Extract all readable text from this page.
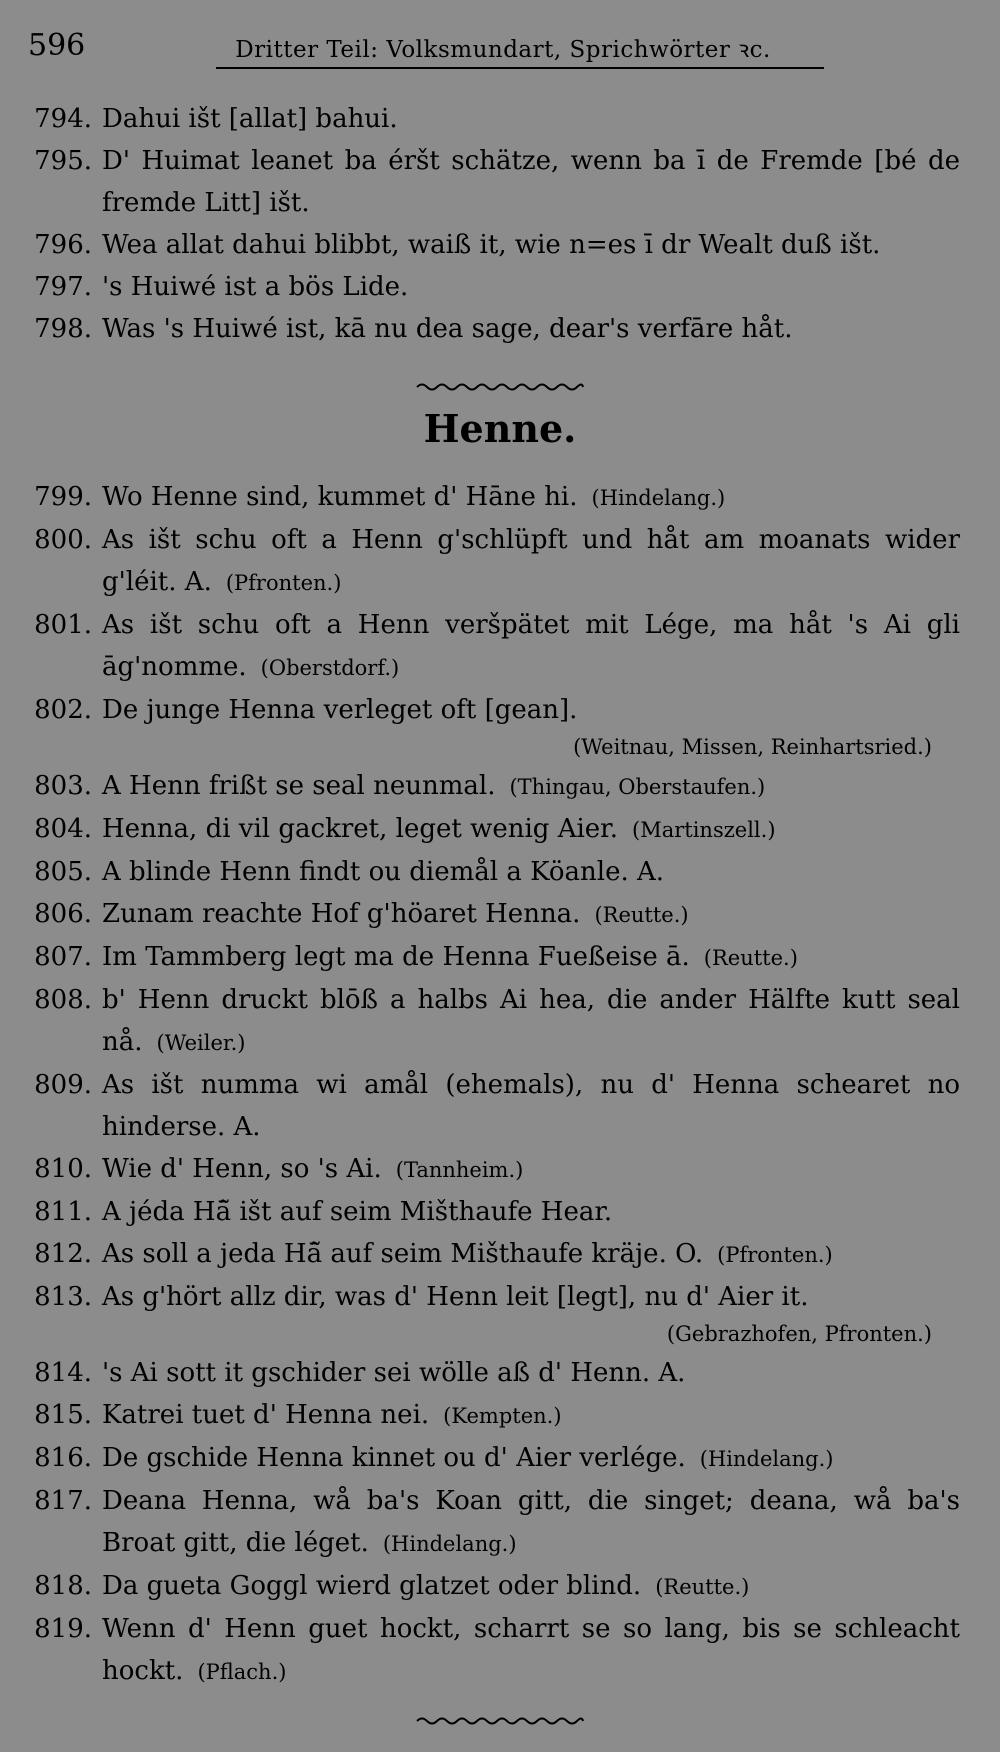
596	Dritter Teil: Volksmundart, Sprichwörter ꝛc.
794. Dahui išt [allat] bahui.
795. D' Huimat leanet ba éršt schätze, wenn ba ī de Fremde [bé de fremde Litt] išt.
796. Wea allat dahui blibbt, waiß it, wie n=es ī dr Wealt duß išt.
797. 's Huiwé ist a bös Lide.
798. Was 's Huiwé ist, kā nu dea sage, dear's verfāre håt.
Henne.
799. Wo Henne sind, kummet d' Hāne hi. (Hindelang.)
800. As išt schu oft a Henn g'schlüpft und håt am moanats wider g'léit. A. (Pfronten.)
801. As išt schu oft a Henn veršpätet mit Lége, ma håt 's Ai gli āg'nomme. (Oberstdorf.)
802. De junge Henna verleget oft [gean].
(Weitnau, Missen, Reinhartsried.)
803. A Henn frißt se seal neunmal. (Thingau, Oberstaufen.)
804. Henna, di vil gackret, leget wenig Aier. (Martinszell.)
805. A blinde Henn findt ou diemål a Köanle. A.
806. Zunam reachte Hof g'höaret Henna. (Reutte.)
807. Im Tammberg legt ma de Henna Fueßeise ā. (Reutte.)
808. b' Henn druckt blōß a halbs Ai hea, die ander Hälfte kutt seal nå. (Weiler.)
809. As išt numma wi amål (ehemals), nu d' Henna schearet no hinderse. A.
810. Wie d' Henn, so 's Ai. (Tannheim.)
811. A jéda Hā̃ išt auf seim Mišthaufe Hear.
812. As soll a jeda Hā̃ auf seim Mišthaufe kräje. O. (Pfronten.)
813. As g'hört allz dir, was d' Henn leit [legt], nu d' Aier it.
(Gebrazhofen, Pfronten.)
814. 's Ai sott it gschider sei wölle aß d' Henn. A.
815. Katrei tuet d' Henna nei. (Kempten.)
816. De gschide Henna kinnet ou d' Aier verlége. (Hindelang.)
817. Deana Henna, wå ba's Koan gitt, die singet; deana, wå ba's Broat gitt, die léget. (Hindelang.)
818. Da gueta Goggl wierd glatzet oder blind. (Reutte.)
819. Wenn d' Henn guet hockt, scharrt se so lang, bis se schleacht hockt. (Pflach.)
